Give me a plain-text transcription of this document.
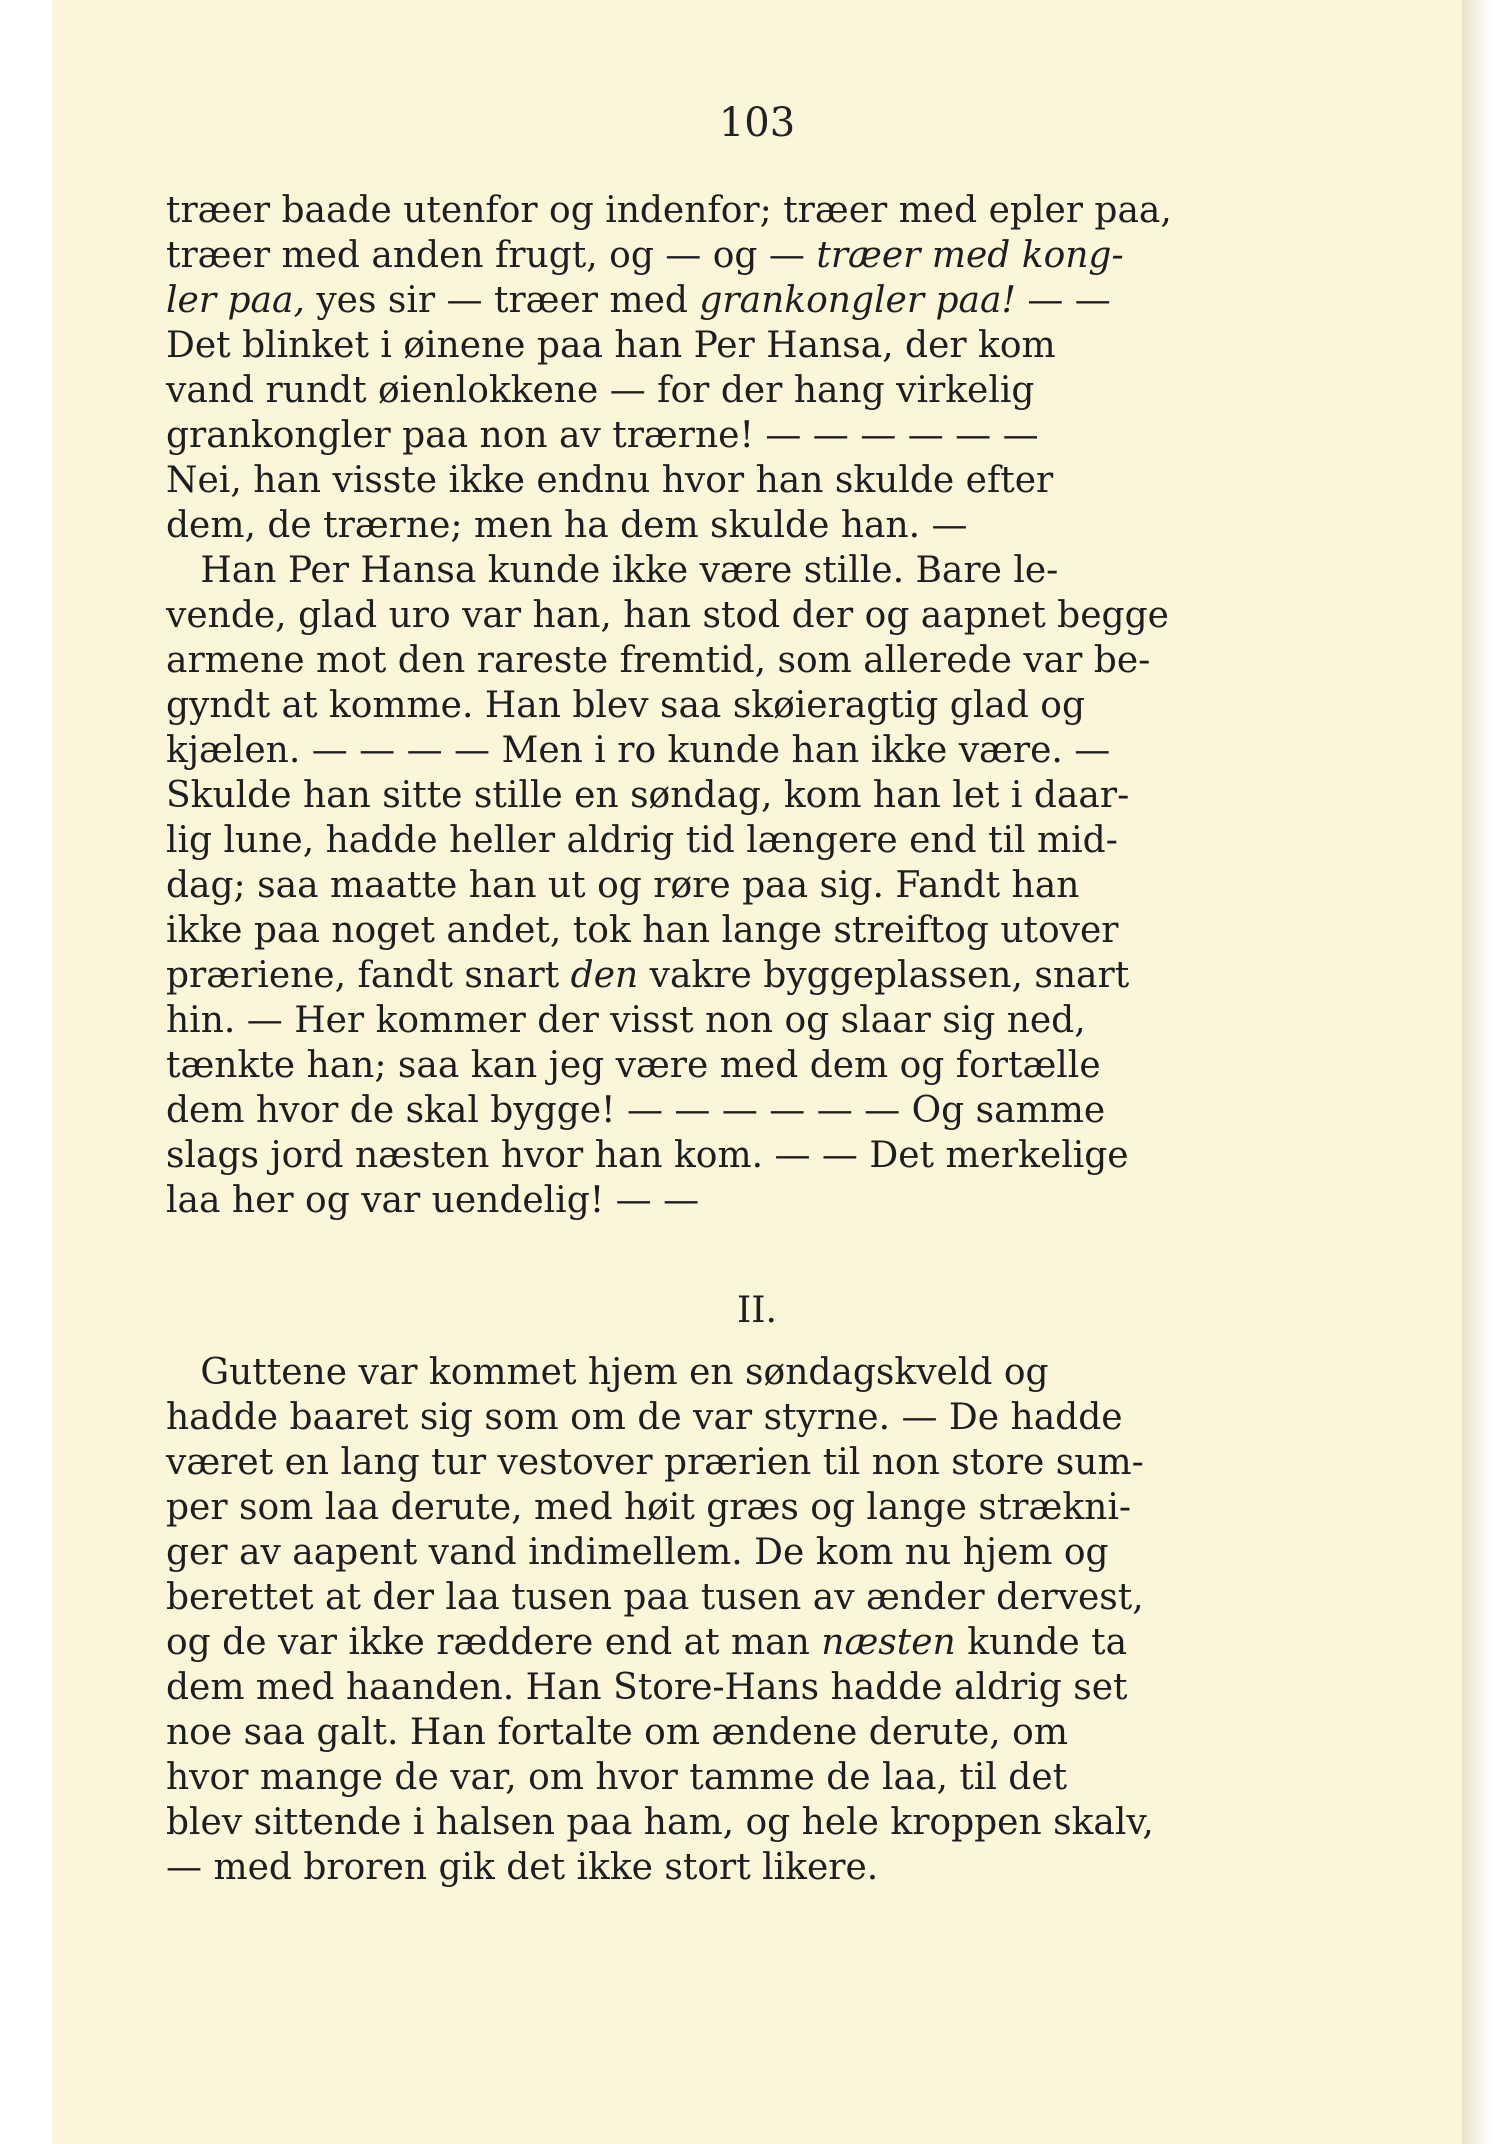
103
træer baade utenfor og indenfor; træer med epler paa,
træer med anden frugt, og — og — træer med kong-
ler paa, yes sir — træer med grankongler paa! — —
Det blinket i øinene paa han Per Hansa, der kom
vand rundt øienlokkene — for der hang virkelig
grankongler paa non av trærne! — — — — — —
Nei, han visste ikke endnu hvor han skulde efter
dem, de trærne; men ha dem skulde han. —
Han Per Hansa kunde ikke være stille. Bare le-
vende, glad uro var han, han stod der og aapnet begge
armene mot den rareste fremtid, som allerede var be-
gyndt at komme. Han blev saa skøieragtig glad og
kjælen. — — — — Men i ro kunde han ikke være. —
Skulde han sitte stille en søndag, kom han let i daar-
lig lune, hadde heller aldrig tid længere end til mid-
dag; saa maatte han ut og røre paa sig. Fandt han
ikke paa noget andet, tok han lange streiftog utover
præriene, fandt snart den vakre byggeplassen, snart
hin. — Her kommer der visst non og slaar sig ned,
tænkte han; saa kan jeg være med dem og fortælle
dem hvor de skal bygge! — — — — — — Og samme
slags jord næsten hvor han kom. — — Det merkelige
laa her og var uendelig! — —
II.
Guttene var kommet hjem en søndagskveld og
hadde baaret sig som om de var styrne. — De hadde
været en lang tur vestover prærien til non store sum-
per som laa derute, med høit græs og lange strækni-
ger av aapent vand indimellem. De kom nu hjem og
berettet at der laa tusen paa tusen av ænder dervest,
og de var ikke ræddere end at man næsten kunde ta
dem med haanden. Han Store-Hans hadde aldrig set
noe saa galt. Han fortalte om ændene derute, om
hvor mange de var, om hvor tamme de laa, til det
blev sittende i halsen paa ham, og hele kroppen skalv,
— med broren gik det ikke stort likere.
